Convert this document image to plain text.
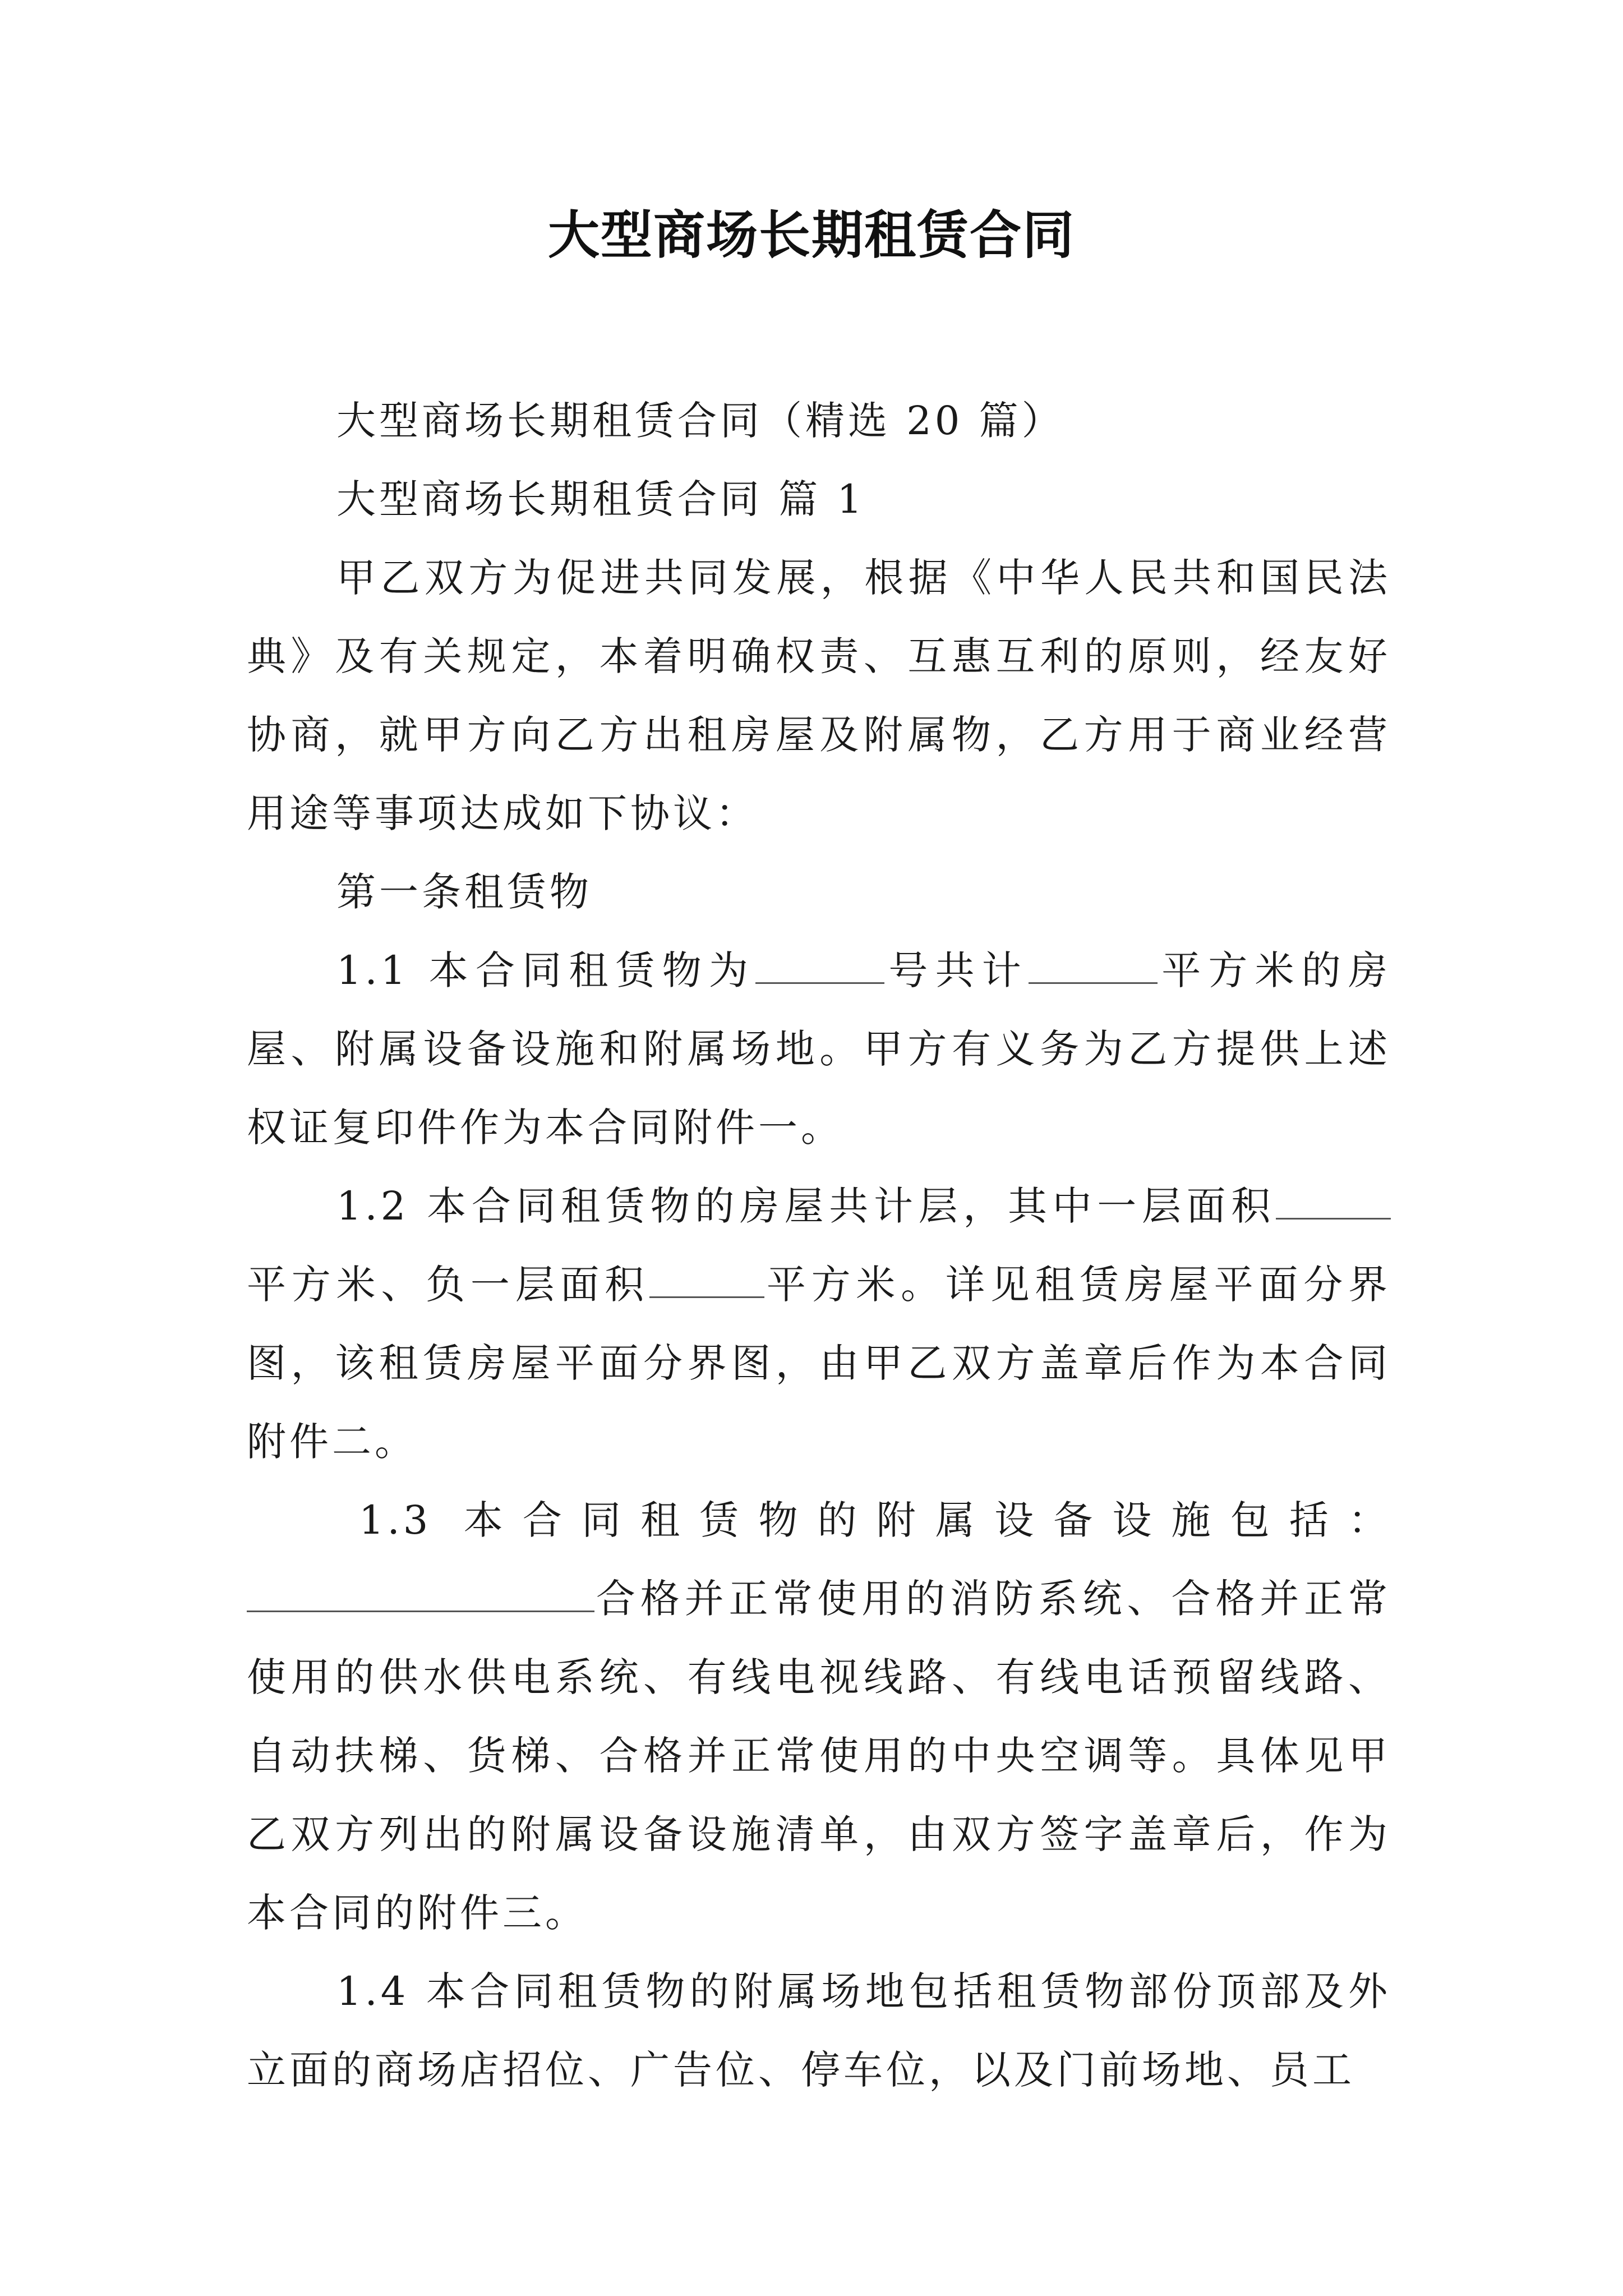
大型商场长期租赁合同

大型商场长期租赁合同（精选 20 篇）

大型商场长期租赁合同 篇 1

甲乙双方为促进共同发展，根据《中华人民共和国民法典》及有关规定，本着明确权责、互惠互利的原则，经友好协商，就甲方向乙方出租房屋及附属物，乙方用于商业经营用途等事项达成如下协议：

第一条租赁物

1.1 本合同租赁物为	号共计	平方米的房屋、附属设备设施和附属场地。甲方有义务为乙方提供上述权证复印件作为本合同附件一。

1.2 本合同租赁物的房屋共计层，其中一层面积平方米、负一层面积	平方米。详见租赁房屋平面分界图，该租赁房屋平面分界图，由甲乙双方盖章后作为本合同附件二。

1.3 本合同租赁物的附属设备设施包括：

合格并正常使用的消防系统、合格并正常使用的供水供电系统、有线电视线路、有线电话预留线路、自动扶梯、货梯、合格并正常使用的中央空调等。具体见甲乙双方列出的附属设备设施清单，由双方签字盖章后，作为本合同的附件三。

1.4 本合同租赁物的附属场地包括租赁物部份顶部及外立面的商场店招位、广告位、停车位，以及门前场地、员工
